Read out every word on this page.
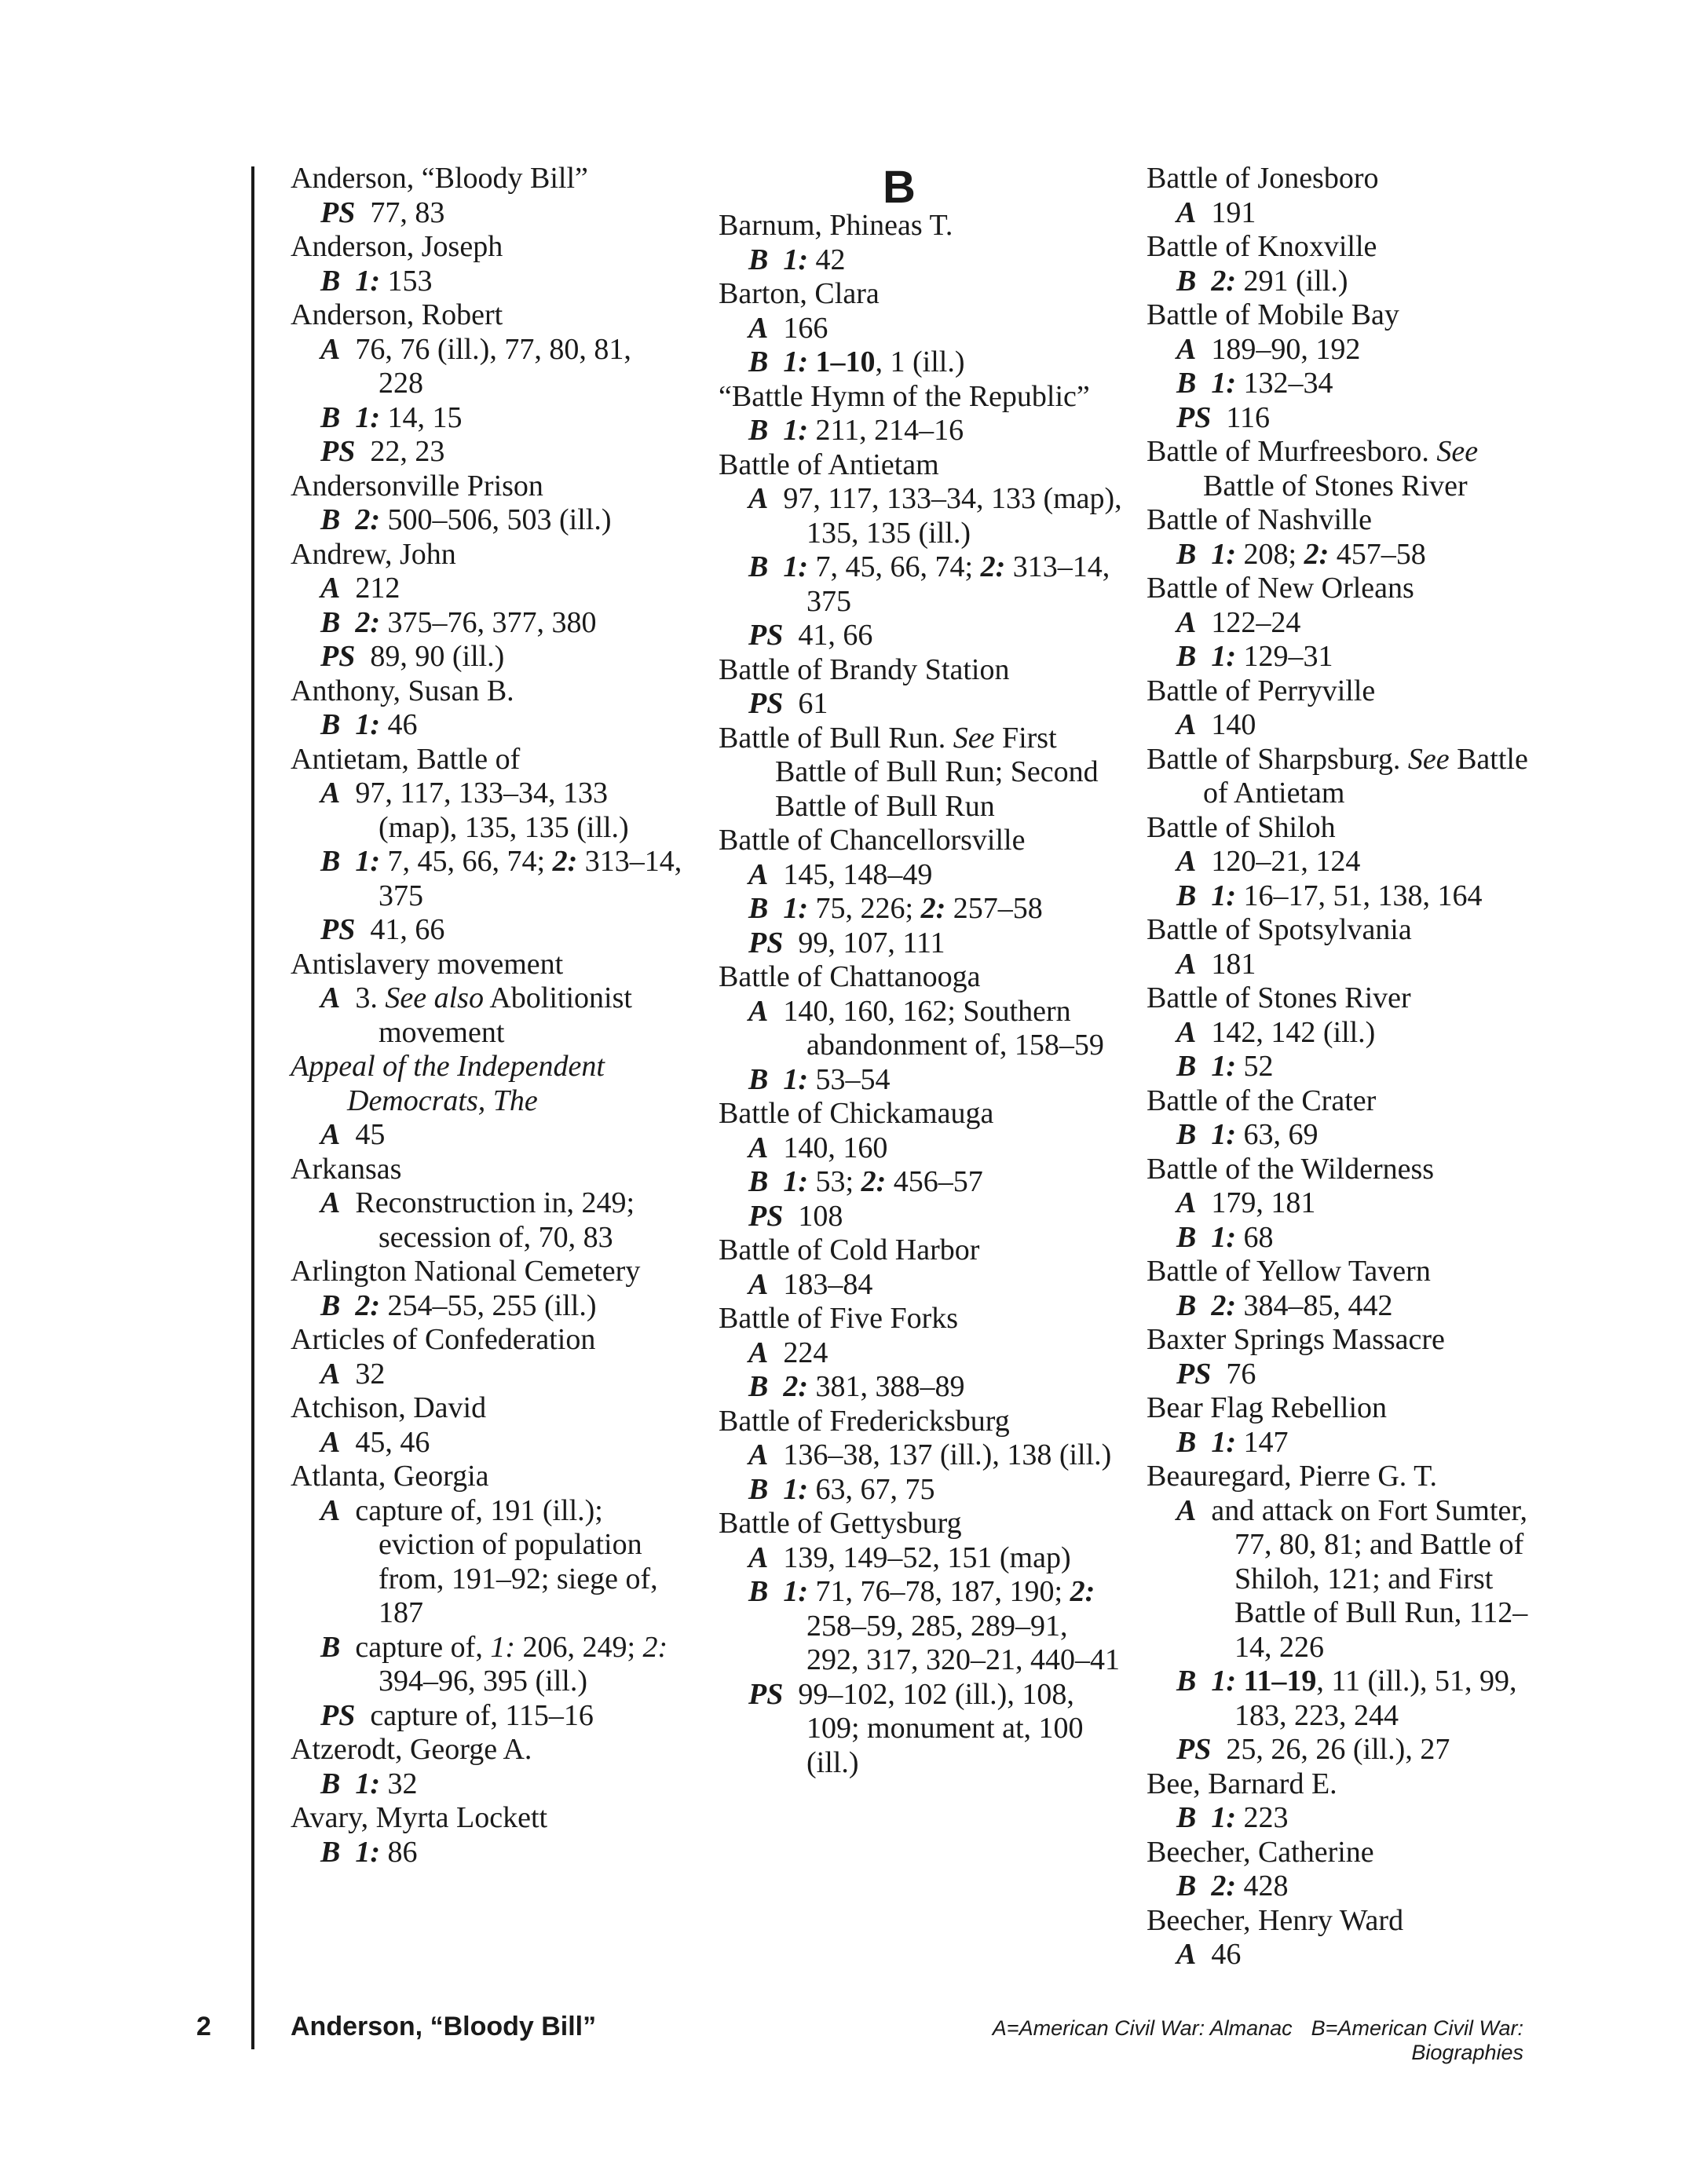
Anderson, “Bloody Bill”
PS  77, 83
Anderson, Joseph
B 1: 153
Anderson, Robert
A  76, 76 (ill.), 77, 80, 81, 228
B 1: 14, 15
PS  22, 23
Andersonville Prison
B 2: 500–506, 503 (ill.)
Andrew, John
A  212
B 2: 375–76, 377, 380
PS  89, 90 (ill.)
Anthony, Susan B.
B 1: 46
Antietam, Battle of
A  97, 117, 133–34, 133 (map), 135, 135 (ill.)
B 1: 7, 45, 66, 74; 2: 313–14, 375
PS  41, 66
Antislavery movement
A  3. See also Abolitionist movement
Appeal of the Independent Democrats, The
A  45
Arkansas
A  Reconstruction in, 249; secession of, 70, 83
Arlington National Cemetery
B 2: 254–55, 255 (ill.)
Articles of Confederation
A  32
Atchison, David
A  45, 46
Atlanta, Georgia
A  capture of, 191 (ill.); eviction of population from, 191–92; siege of, 187
B  capture of, 1: 206, 249; 2: 394–96, 395 (ill.)
PS  capture of, 115–16
Atzerodt, George A.
B 1: 32
Avary, Myrta Lockett
B 1: 86
B
Barnum, Phineas T.
B 1: 42
Barton, Clara
A  166
B 1: 1–10, 1 (ill.)
“Battle Hymn of the Republic”
B 1: 211, 214–16
Battle of Antietam
A  97, 117, 133–34, 133 (map), 135, 135 (ill.)
B 1: 7, 45, 66, 74; 2: 313–14, 375
PS  41, 66
Battle of Brandy Station
PS  61
Battle of Bull Run. See First Battle of Bull Run; Second Battle of Bull Run
Battle of Chancellorsville
A  145, 148–49
B 1: 75, 226; 2: 257–58
PS  99, 107, 111
Battle of Chattanooga
A  140, 160, 162; Southern abandonment of, 158–59
B 1: 53–54
Battle of Chickamauga
A  140, 160
B 1: 53; 2: 456–57
PS  108
Battle of Cold Harbor
A  183–84
Battle of Five Forks
A  224
B 2: 381, 388–89
Battle of Fredericksburg
A  136–38, 137 (ill.), 138 (ill.)
B 1: 63, 67, 75
Battle of Gettysburg
A  139, 149–52, 151 (map)
B 1: 71, 76–78, 187, 190; 2: 258–59, 285, 289–91, 292, 317, 320–21, 440–41
PS  99–102, 102 (ill.), 108, 109; monument at, 100 (ill.)
Battle of Jonesboro
A  191
Battle of Knoxville
B 2: 291 (ill.)
Battle of Mobile Bay
A  189–90, 192
B 1: 132–34
PS  116
Battle of Murfreesboro. See Battle of Stones River
Battle of Nashville
B 1: 208; 2: 457–58
Battle of New Orleans
A  122–24
B 1: 129–31
Battle of Perryville
A  140
Battle of Sharpsburg. See Battle of Antietam
Battle of Shiloh
A  120–21, 124
B 1: 16–17, 51, 138, 164
Battle of Spotsylvania
A  181
Battle of Stones River
A  142, 142 (ill.)
B 1: 52
Battle of the Crater
B 1: 63, 69
Battle of the Wilderness
A  179, 181
B 1: 68
Battle of Yellow Tavern
B 2: 384–85, 442
Baxter Springs Massacre
PS  76
Bear Flag Rebellion
B 1: 147
Beauregard, Pierre G. T.
A  and attack on Fort Sumter, 77, 80, 81; and Battle of Shiloh, 121; and First Battle of Bull Run, 112–14, 226
B 1: 11–19, 11 (ill.), 51, 99, 183, 223, 244
PS  25, 26, 26 (ill.), 27
Bee, Barnard E.
B 1: 223
Beecher, Catherine
B 2: 428
Beecher, Henry Ward
A  46
2	Anderson, “Bloody Bill”	A=American Civil War: Almanac B=American Civil War: Biographies
